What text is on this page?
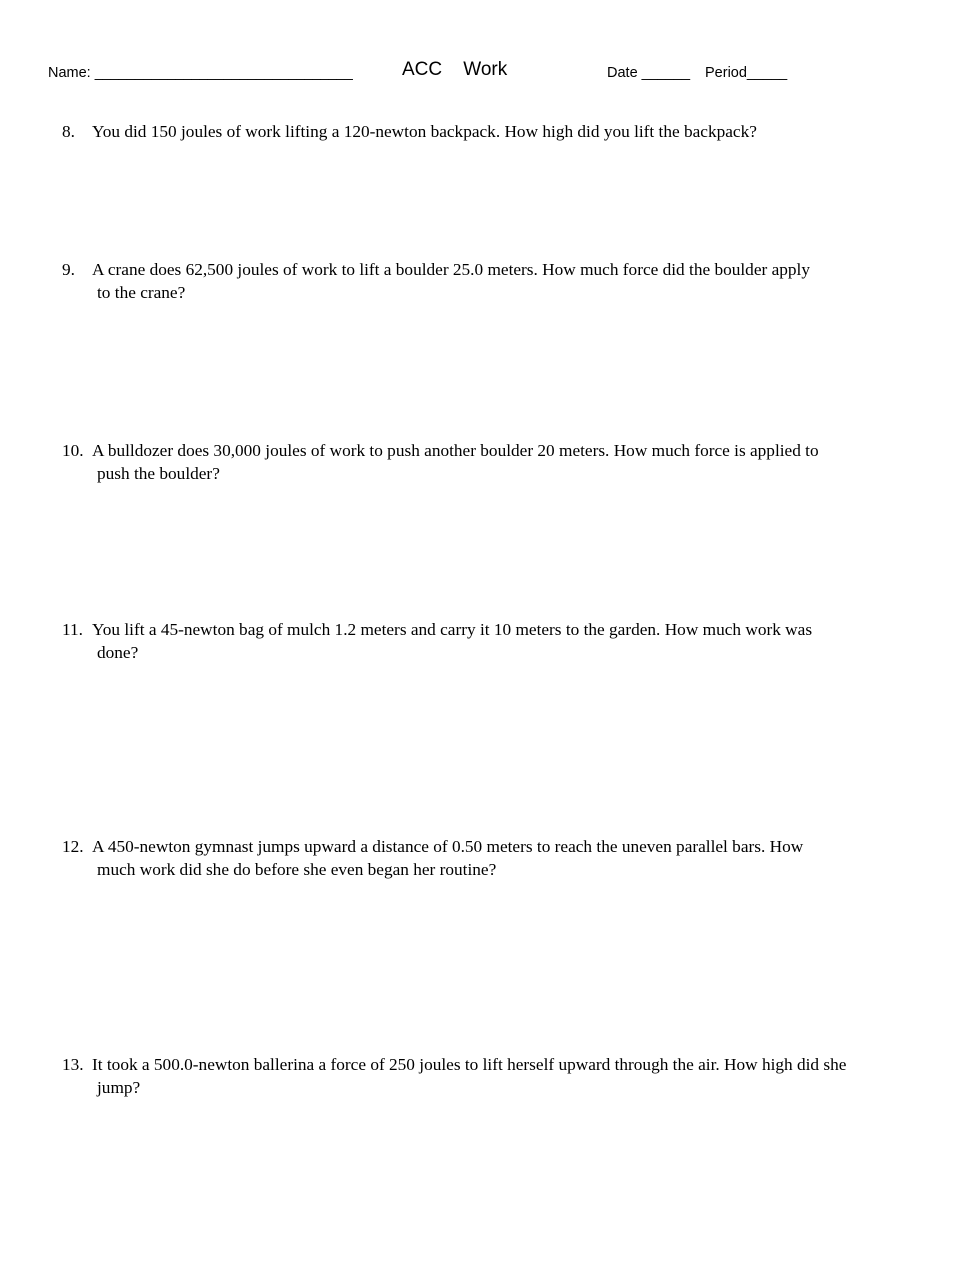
Name: ________________________________	ACC    Work	Date ______ Period_____
8. You did 150 joules of work lifting a 120-newton backpack. How high did you lift the backpack?
9. A crane does 62,500 joules of work to lift a boulder 25.0 meters. How much force did the boulder apply
to the crane?
10. A bulldozer does 30,000 joules of work to push another boulder 20 meters. How much force is applied to
push the boulder?
11. You lift a 45-newton bag of mulch 1.2 meters and carry it 10 meters to the garden. How much work was
done?
12. A 450-newton gymnast jumps upward a distance of 0.50 meters to reach the uneven parallel bars. How
much work did she do before she even began her routine?
13. It took a 500.0-newton ballerina a force of 250 joules to lift herself upward through the air. How high did she
jump?
